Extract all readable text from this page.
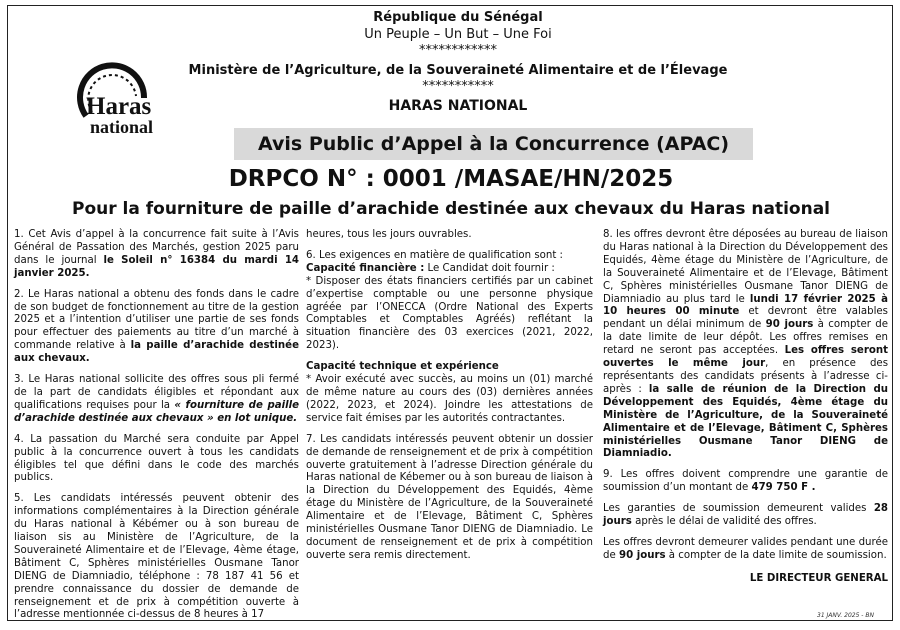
Haras
national
République du Sénégal
Un Peuple – Un But – Une Foi
************
Ministère de l’Agriculture, de la Souveraineté Alimentaire et de l’Élevage
***********
HARAS NATIONAL
Avis Public d’Appel à la Concurrence (APAC)
DRPCO N° : 0001 /MASAE/HN/2025
Pour la fourniture de paille d’arachide destinée aux chevaux du Haras national

1. Cet Avis d’appel à la concurrence fait suite à l’Avis Général de Passation des Marchés, gestion 2025 paru dans le journal le Soleil n° 16384 du mardi 14 janvier 2025.

2. Le Haras national a obtenu des fonds dans le cadre de son budget de fonctionnement au titre de la gestion 2025 et a l’intention d’utiliser une partie de ses fonds pour effectuer des paiements au titre d’un marché à commande relative à la paille d’arachide destinée aux chevaux.

3. Le Haras national sollicite des offres sous pli fermé de la part de candidats éligibles et répondant aux qualifications requises pour la « fourniture de paille d’arachide destinée aux chevaux » en lot unique.

4. La passation du Marché sera conduite par Appel public à la concurrence ouvert à tous les candidats éligibles tel que défini dans le code des marchés publics.

5. Les candidats intéressés peuvent obtenir des informations complémentaires à la Direction générale du Haras national à Kébémer ou à son bureau de liaison sis au Ministère de l’Agriculture, de la Souveraineté Alimentaire et de l’Elevage, 4ème étage, Bâtiment C, Sphères ministérielles Ousmane Tanor DIENG de Diamniadio, téléphone : 78 187 41 56 et prendre connaissance du dossier de demande de renseignement et de prix à compétition ouverte à l’adresse mentionnée ci-dessus de 8 heures à 17

heures, tous les jours ouvrables.

6. Les exigences en matière de qualification sont :

Capacité financière : Le Candidat doit fournir :

* Disposer des états financiers certifiés par un cabinet d’expertise comptable ou une personne physique agréée par l’ONECCA (Ordre National des Experts Comptables et Comptables Agréés) reflétant la situation financière des 03 exercices (2021, 2022, 2023).

Capacité technique et expérience

* Avoir exécuté avec succès, au moins un (01) marché de même nature au cours des (03) dernières années (2022, 2023, et 2024). Joindre les attestations de service fait émises par les autorités contractantes.

7. Les candidats intéressés peuvent obtenir un dossier de demande de renseignement et de prix à compétition ouverte gratuitement à l’adresse Direction générale du Haras national de Kébemer ou à son bureau de liaison à la Direction du Développement des Equidés, 4ème étage du Ministère de l’Agriculture, de la Souveraineté Alimentaire et de l’Elevage, Bâtiment C, Sphères ministérielles Ousmane Tanor DIENG de Diamniadio. Le document de renseignement et de prix à compétition ouverte sera remis directement.

8. les offres devront être déposées au bureau de liaison du Haras national à la Direction du Développement des Equidés, 4ème étage du Ministère de l’Agriculture, de la Souveraineté Alimentaire et de l’Elevage, Bâtiment C, Sphères ministérielles Ousmane Tanor DIENG de Diamniadio au plus tard le lundi 17 février 2025 à 10 heures 00 minute et devront être valables pendant un délai minimum de 90 jours à compter de la date limite de leur dépôt. Les offres remises en retard ne seront pas acceptées. Les offres seront ouvertes le même jour, en présence des représentants des candidats présents à l’adresse ci-après : la salle de réunion de la Direction du Développement des Equidés, 4ème étage du Ministère de l’Agriculture, de la Souveraineté Alimentaire et de l’Elevage, Bâtiment C, Sphères ministérielles Ousmane Tanor DIENG de Diamniadio.

9. Les offres doivent comprendre une garantie de soumission d’un montant de 479 750 F .

Les garanties de soumission demeurent valides 28 jours après le délai de validité des offres.

Les offres devront demeurer valides pendant une durée de 90 jours à compter de la date limite de soumission.

LE DIRECTEUR GENERAL
31 JANV. 2025 - BN
